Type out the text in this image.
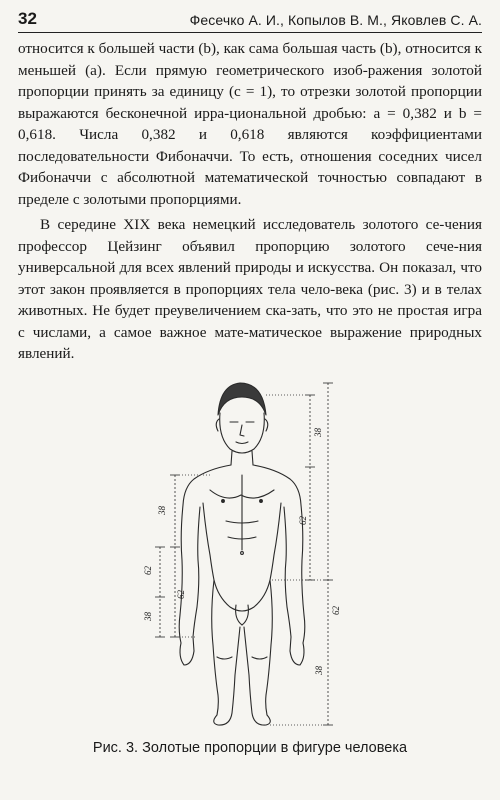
32	Фесечко А. И., Копылов В. М., Яковлев С. А.

относится к большей части (b), как сама большая часть (b), относится к меньшей (a). Если прямую геометрического изоб-ражения золотой пропорции принять за единицу (c = 1), то отрезки золотой пропорции выражаются бесконечной ирра-циональной дробью: a = 0,382 и b = 0,618. Числа 0,382 и 0,618 являются коэффициентами последовательности Фибоначчи. То есть, отношения соседних чисел Фибоначчи с абсолютной математической точностью совпадают в пределе с золотыми пропорциями.

В середине XIX века немецкий исследователь золотого се-чения профессор Цейзинг объявил пропорцию золотого сече-ния универсальной для всех явлений природы и искусства. Он показал, что этот закон проявляется в пропорциях тела чело-века (рис. 3) и в телах животных. Не будет преувеличением ска-зать, что это не простая игра с числами, а самое важное мате-матическое выражение природных явлений.

38
62
62
38
38
62
62
38
Рис. 3. Золотые пропорции в фигуре человека
